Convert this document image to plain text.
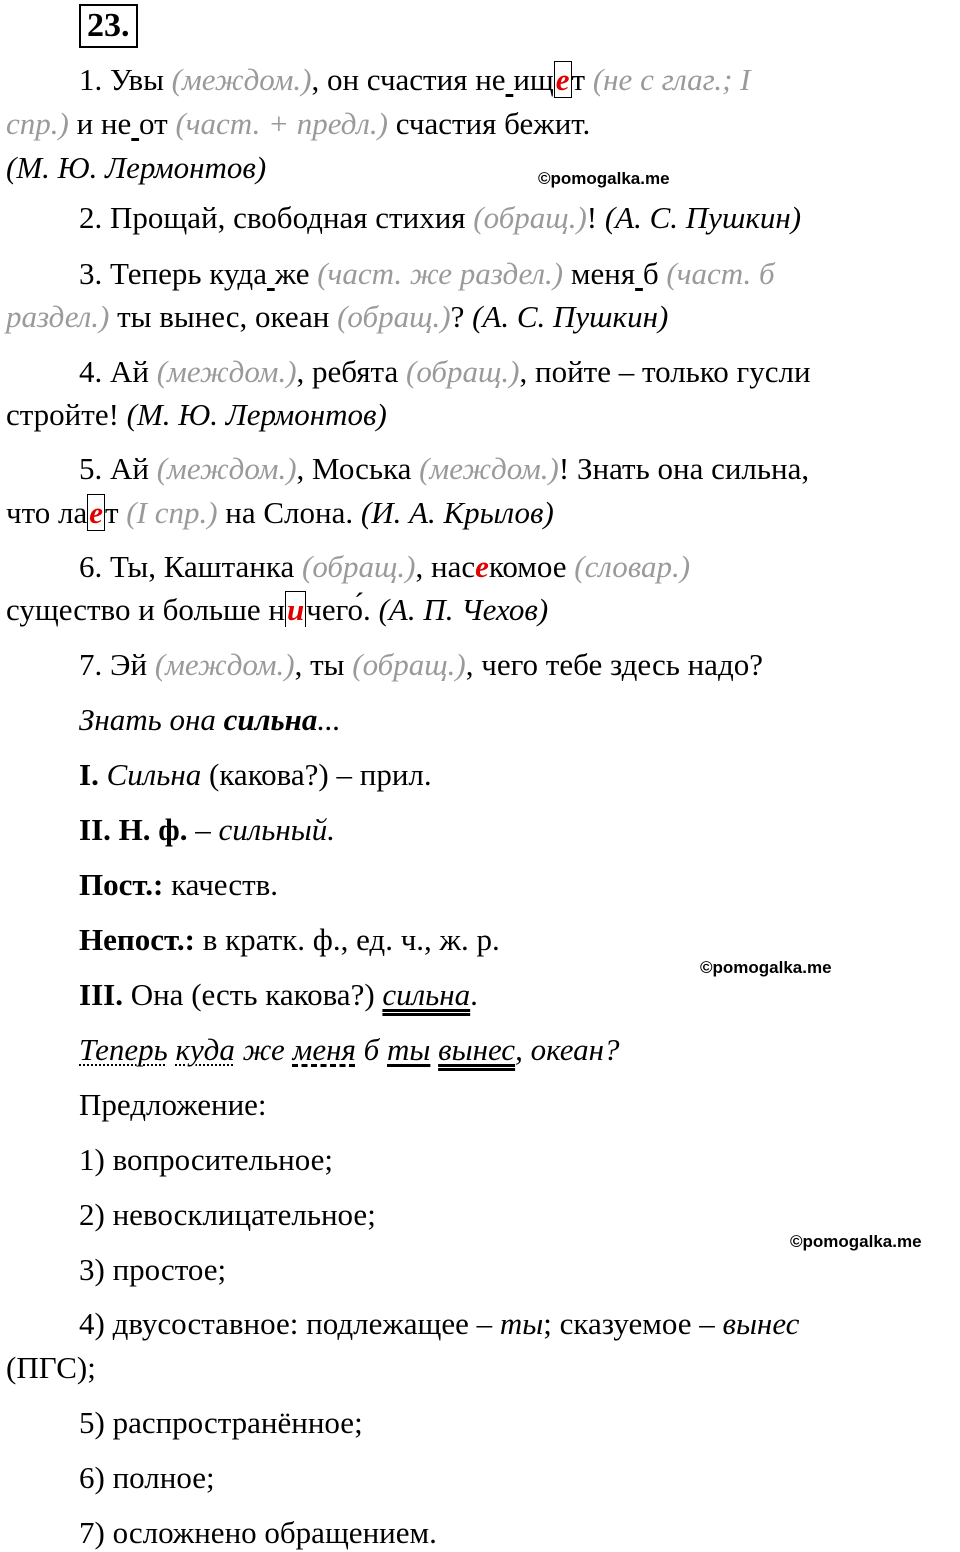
23.
1. Увы (междом.), он счастия не ищет (не с глаг.; I
спр.) и не от (част. + предл.) счастия бежит.
(М. Ю. Лермонтов)	©pomogalka.me
2. Прощай, свободная стихия (обращ.)! (А. С. Пушкин)
3. Теперь куда же (част. же раздел.) меня б (част. б
раздел.) ты вынес, океан (обращ.)? (А. С. Пушкин)
4. Ай (междом.), ребята (обращ.), пойте – только гусли
стройте! (М. Ю. Лермонтов)
5. Ай (междом.), Моська (междом.)! Знать она сильна,
что лает (I спр.) на Слона. (И. А. Крылов)
6. Ты, Каштанка (обращ.), насекомое (словар.)
существо и больше ничего́. (А. П. Чехов)
7. Эй (междом.), ты (обращ.), чего тебе здесь надо?
Знать она сильна...
I. Сильна (какова?) – прил.
II. Н. ф. – сильный.
Пост.: качеств.
Непост.: в кратк. ф., ед. ч., ж. р.
©pomogalka.me
III. Она (есть какова?) сильна.
Теперь куда же меня б ты вынес, океан?
Предложение:
1) вопросительное;
2) невосклицательное;
©pomogalka.me
3) простое;
4) двусоставное: подлежащее – ты; сказуемое – вынес
(ПГС);
5) распространённое;
6) полное;
7) осложнено обращением.
